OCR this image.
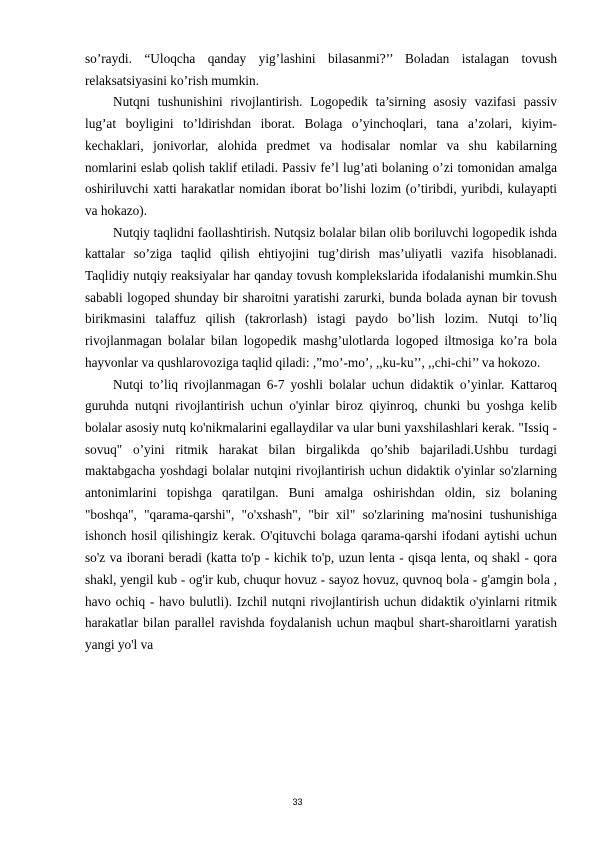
so’raydi. “Uloqcha qanday yig’lashini bilasanmi?’’ Boladan istalagan tovush relaksatsiyasini ko’rish mumkin.

Nutqni tushunishini rivojlantirish. Logopedik ta’sirning asosiy vazifasi passiv lug’at boyligini to’ldirishdan iborat. Bolaga o’yinchoqlari, tana a’zolari, kiyim-kechaklari, jonivorlar, alohida predmet va hodisalar nomlar va shu kabilarning nomlarini eslab qolish taklif etiladi. Passiv fe’l lug’ati bolaning o’zi tomonidan amalga oshiriluvchi xatti harakatlar nomidan iborat bo’lishi lozim (o’tiribdi, yuribdi, kulayapti va hokazo).

Nutqiy taqlidni faollashtirish. Nutqsiz bolalar bilan olib boriluvchi logopedik ishda kattalar so’ziga taqlid qilish ehtiyojini tug’dirish mas’uliyatli vazifa hisoblanadi. Taqlidiy nutqiy reaksiyalar har qanday tovush komplekslarida ifodalanishi mumkin.Shu sababli logoped shunday bir sharoitni yaratishi zarurki, bunda bolada aynan bir tovush birikmasini talaffuz qilish (takrorlash) istagi paydo bo’lish lozim. Nutqi to’liq rivojlanmagan bolalar bilan logopedik mashg’ulotlarda logoped iltmosiga ko’ra bola hayvonlar va qushlarovoziga taqlid qiladi: ,”mo’-mo’, ,,ku-ku’’, ,,chi-chi’’ va hokozo.

Nutqi to’liq rivojlanmagan 6-7 yoshli bolalar uchun didaktik o’yinlar. Kattaroq guruhda nutqni rivojlantirish uchun o'yinlar biroz qiyinroq, chunki bu yoshga kelib bolalar asosiy nutq ko'nikmalarini egallaydilar va ular buni yaxshilashlari kerak. "Issiq - sovuq" o’yini ritmik harakat bilan birgalikda qo’shib bajariladi.Ushbu turdagi maktabgacha yoshdagi bolalar nutqini rivojlantirish uchun didaktik o'yinlar so'zlarning antonimlarini topishga qaratilgan. Buni amalga oshirishdan oldin, siz bolaning "boshqa", "qarama-qarshi", "o'xshash", "bir xil" so'zlarining ma'nosini tushunishiga ishonch hosil qilishingiz kerak. O'qituvchi bolaga qarama-qarshi ifodani aytishi uchun so'z va iborani beradi (katta to'p - kichik to'p, uzun lenta - qisqa lenta, oq shakl - qora shakl, yengil kub - og'ir kub, chuqur hovuz - sayoz hovuz, quvnoq bola - g'amgin bola , havo ochiq - havo bulutli). Izchil nutqni rivojlantirish uchun didaktik o'yinlarni ritmik harakatlar bilan parallel ravishda foydalanish uchun maqbul shart-sharoitlarni yaratish yangi yo'l va

33
